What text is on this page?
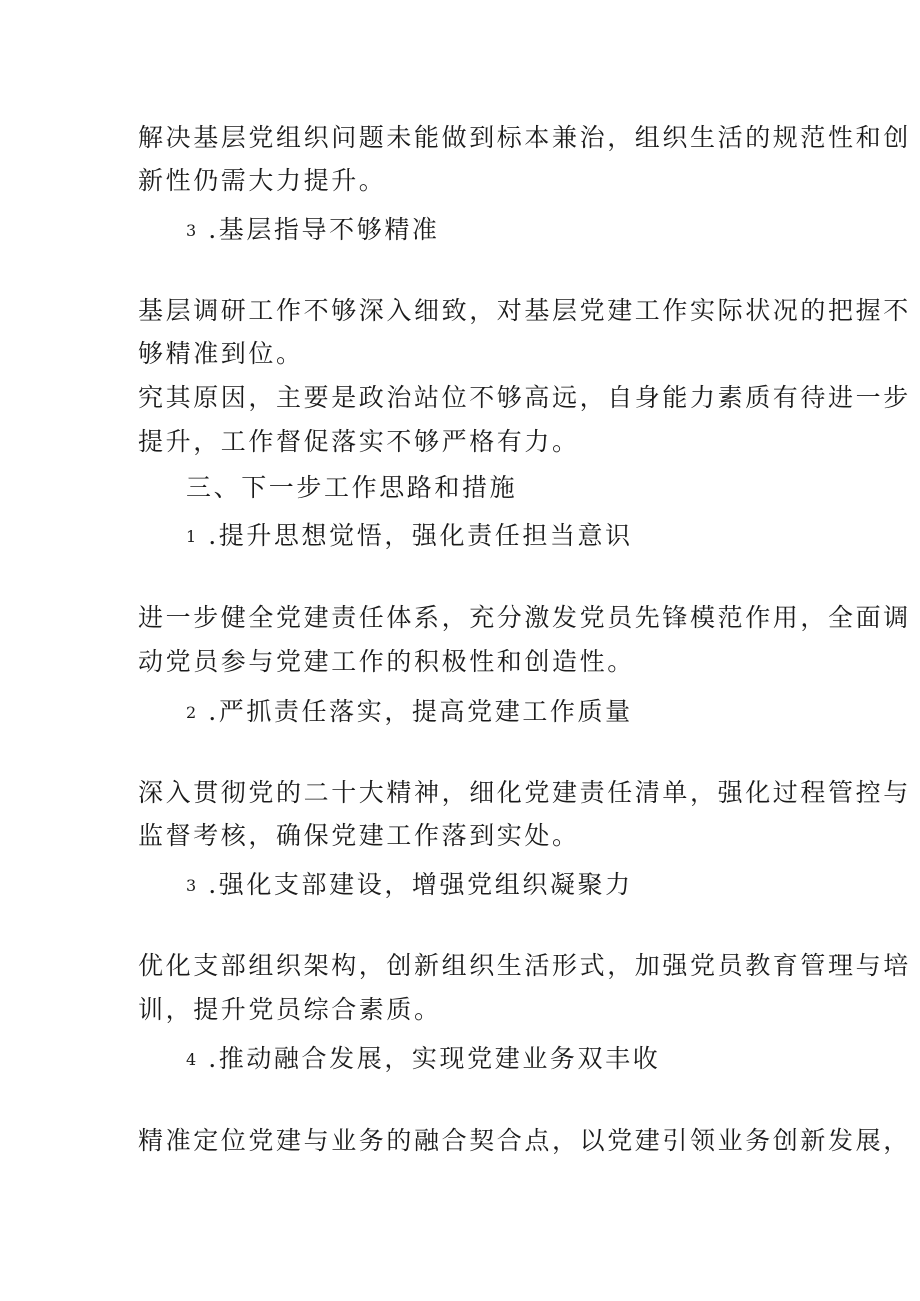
解决基层党组织问题未能做到标本兼治，组织生活的规范性和创
新性仍需大力提升。
3 .基层指导不够精准
基层调研工作不够深入细致，对基层党建工作实际状况的把握不
够精准到位。
究其原因，主要是政治站位不够高远，自身能力素质有待进一步
提升，工作督促落实不够严格有力。
三、下一步工作思路和措施
1 .提升思想觉悟，强化责任担当意识
进一步健全党建责任体系，充分激发党员先锋模范作用，全面调
动党员参与党建工作的积极性和创造性。
2 .严抓责任落实，提高党建工作质量
深入贯彻党的二十大精神，细化党建责任清单，强化过程管控与
监督考核，确保党建工作落到实处。
3 .强化支部建设，增强党组织凝聚力
优化支部组织架构，创新组织生活形式，加强党员教育管理与培
训，提升党员综合素质。
4 .推动融合发展，实现党建业务双丰收
精准定位党建与业务的融合契合点，以党建引领业务创新发展，
